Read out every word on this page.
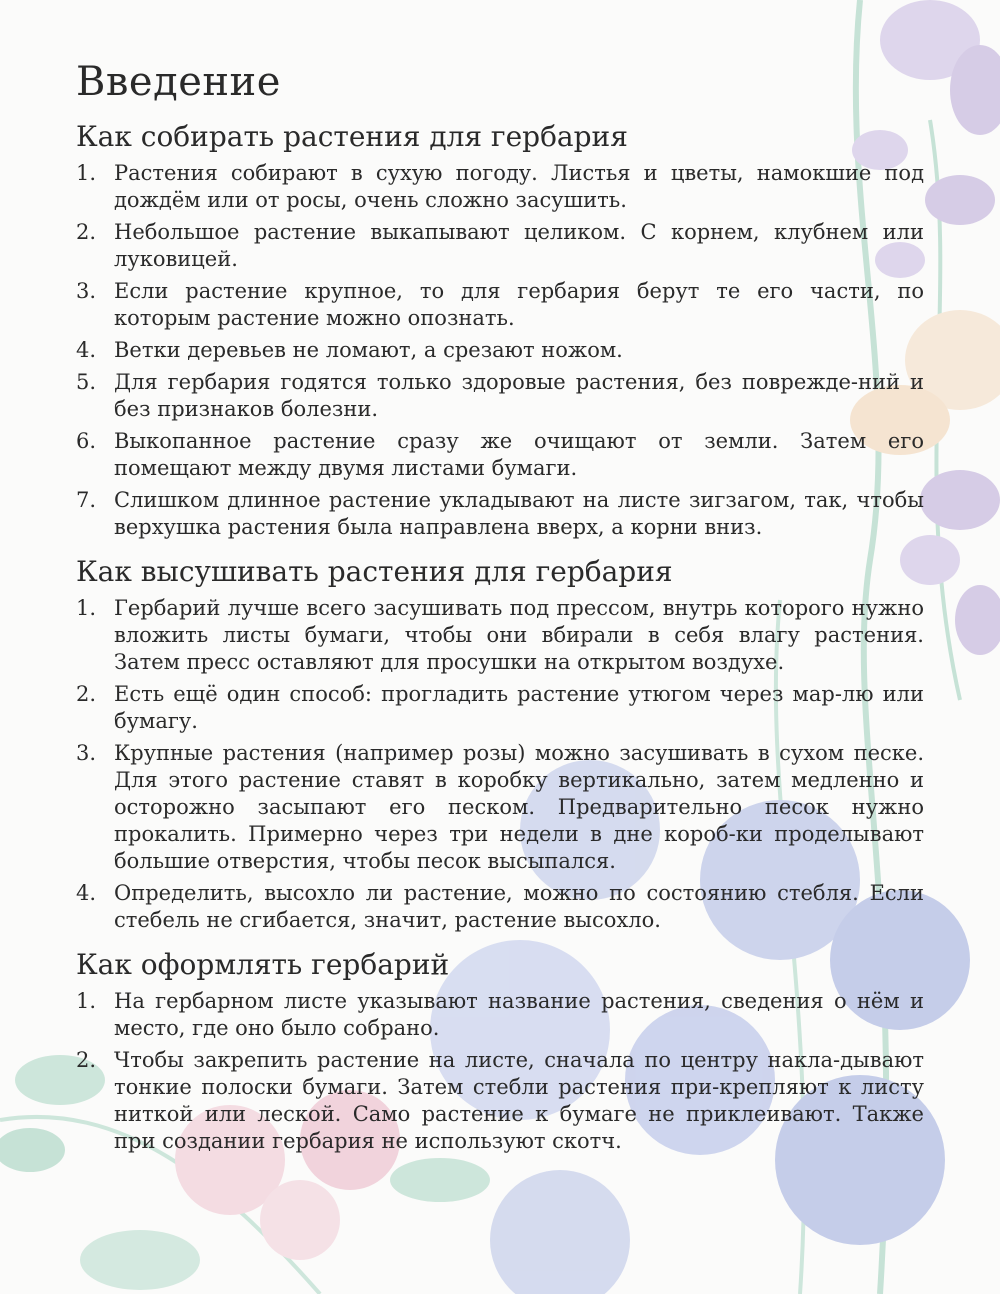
Введение
Как собирать растения для гербария
1. Растения собирают в сухую погоду. Листья и цветы, намокшие под дождём или от росы, очень сложно засушить.
2. Небольшое растение выкапывают целиком. С корнем, клубнем или луковицей.
3. Если растение крупное, то для гербария берут те его части, по которым растение можно опознать.
4. Ветки деревьев не ломают, а срезают ножом.
5. Для гербария годятся только здоровые растения, без поврежде-ний и без признаков болезни.
6. Выкопанное растение сразу же очищают от земли. Затем его помещают между двумя листами бумаги.
7. Слишком длинное растение укладывают на листе зигзагом, так, чтобы верхушка растения была направлена вверх, а корни вниз.
Как высушивать растения для гербария
1. Гербарий лучше всего засушивать под прессом, внутрь которого нужно вложить листы бумаги, чтобы они вбирали в себя влагу растения. Затем пресс оставляют для просушки на открытом воздухе.
2. Есть ещё один способ: прогладить растение утюгом через мар-лю или бумагу.
3. Крупные растения (например розы) можно засушивать в сухом песке. Для этого растение ставят в коробку вертикально, затем медленно и осторожно засыпают его песком. Предварительно песок нужно прокалить. Примерно через три недели в дне короб-ки проделывают большие отверстия, чтобы песок высыпался.
4. Определить, высохло ли растение, можно по состоянию стебля. Если стебель не сгибается, значит, растение высохло.
Как оформлять гербарий
1. На гербарном листе указывают название растения, сведения о нём и место, где оно было собрано.
2. Чтобы закрепить растение на листе, сначала по центру накла-дывают тонкие полоски бумаги. Затем стебли растения при-крепляют к листу ниткой или леской. Само растение к бумаге не приклеивают. Также при создании гербария не используют скотч.
